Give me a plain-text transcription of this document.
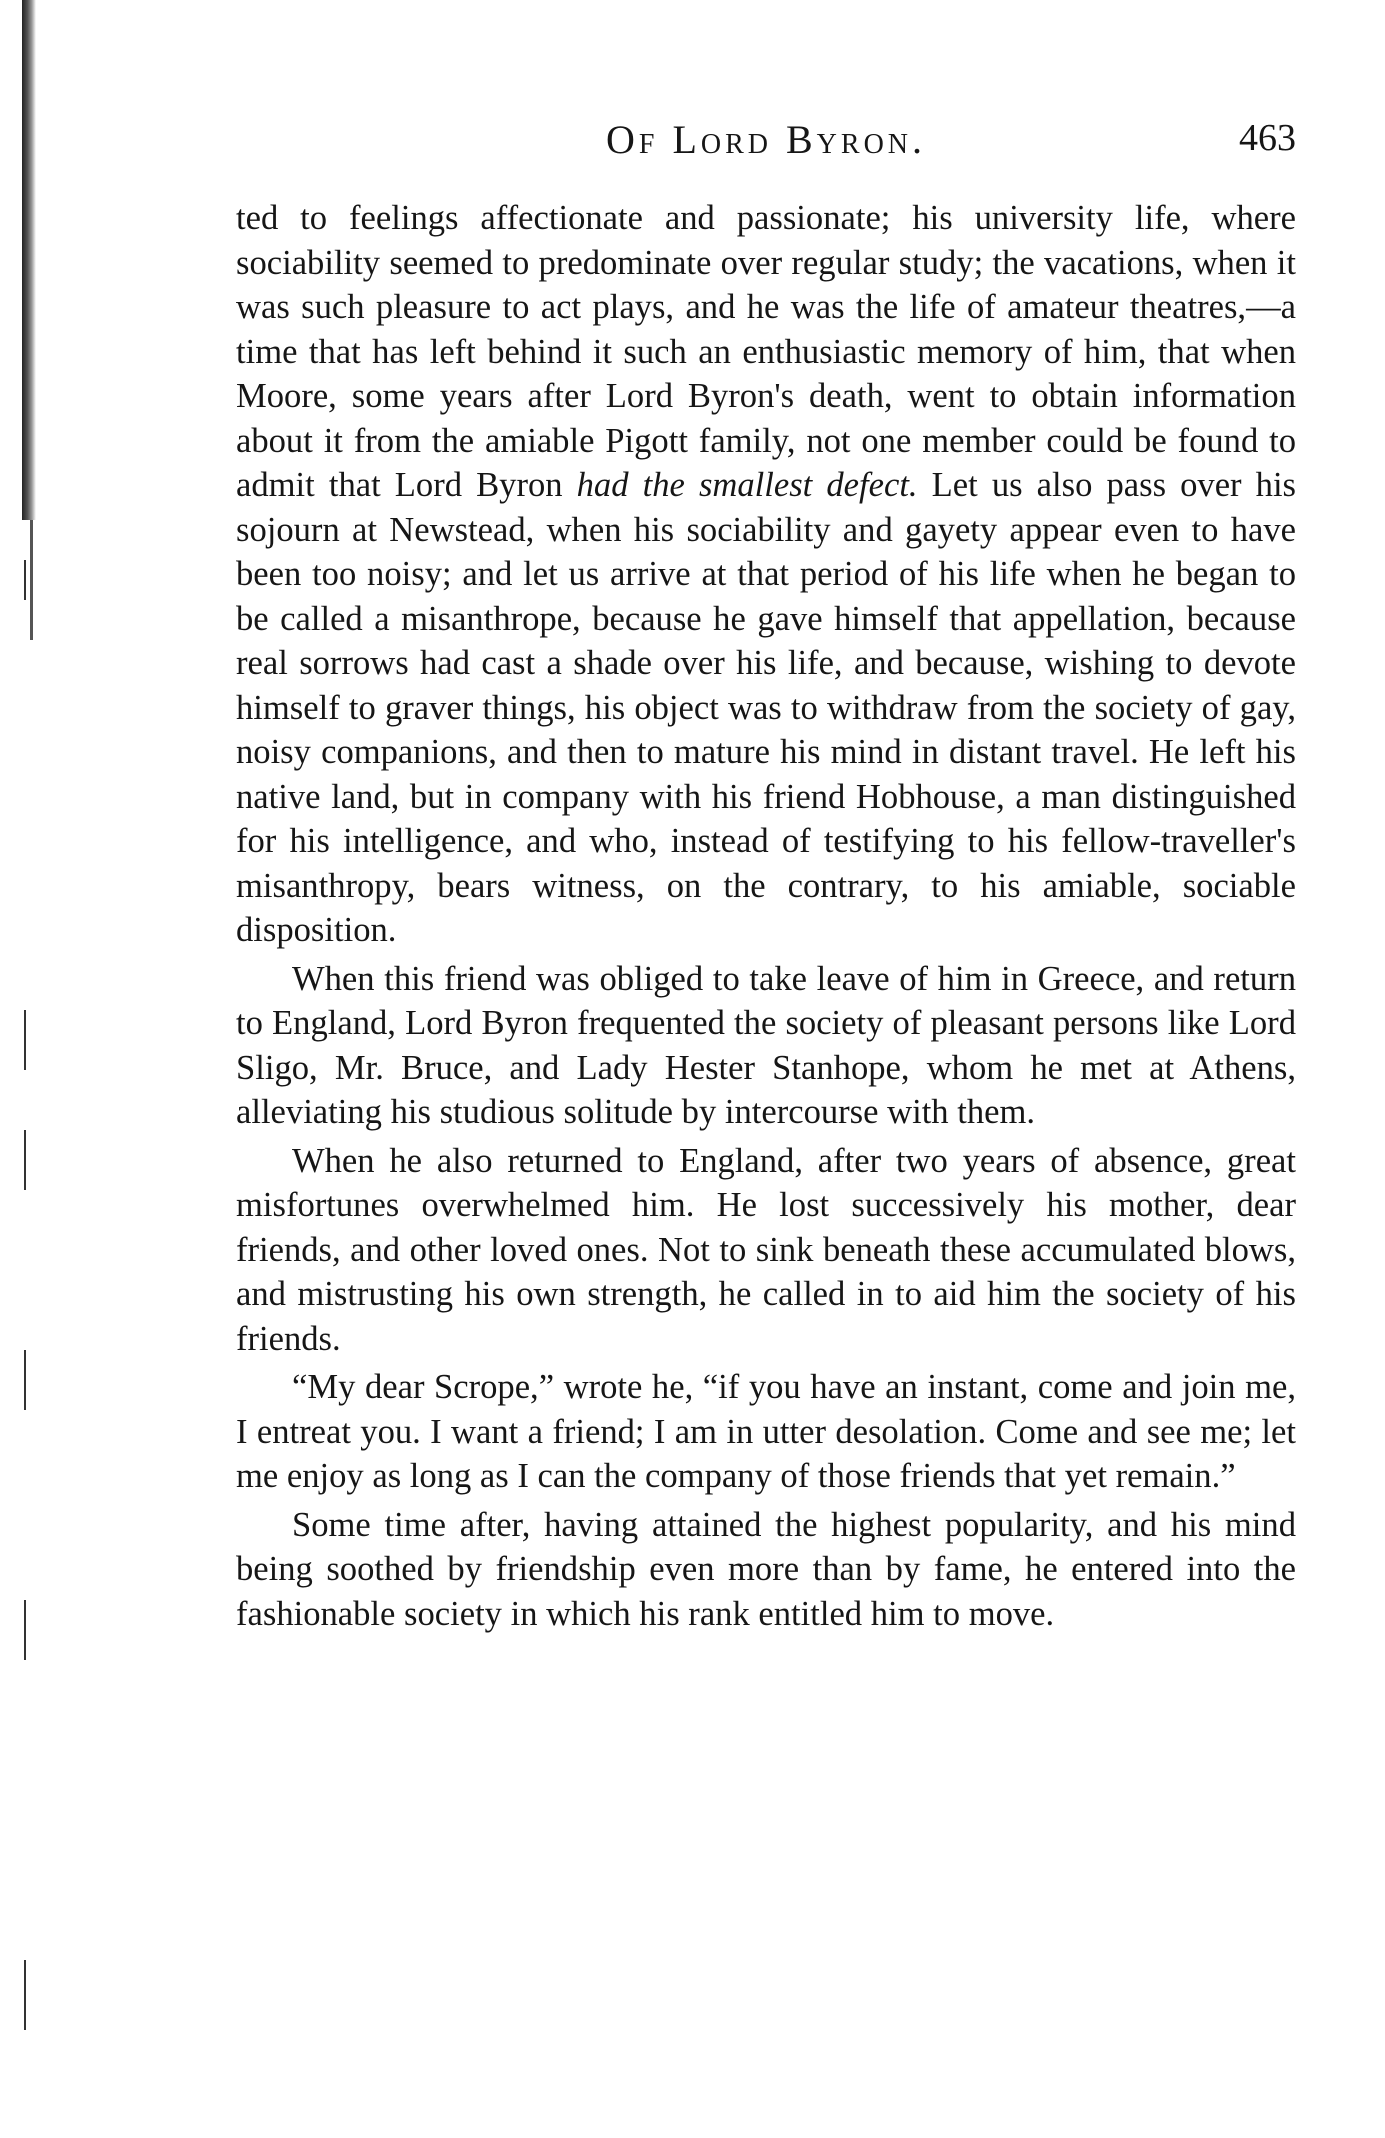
Of Lord Byron.	463

ted to feelings affectionate and passionate; his university life, where sociability seemed to predominate over regular study; the vacations, when it was such pleasure to act plays, and he was the life of amateur theatres,—a time that has left behind it such an enthusiastic memory of him, that when Moore, some years after Lord Byron's death, went to obtain information about it from the amiable Pigott family, not one member could be found to admit that Lord Byron had the smallest defect. Let us also pass over his sojourn at Newstead, when his sociability and gayety appear even to have been too noisy; and let us arrive at that period of his life when he began to be called a misanthrope, because he gave himself that appellation, because real sorrows had cast a shade over his life, and because, wishing to devote himself to graver things, his object was to withdraw from the society of gay, noisy companions, and then to mature his mind in distant travel. He left his native land, but in company with his friend Hobhouse, a man distinguished for his intelligence, and who, instead of testifying to his fellow-traveller's misanthropy, bears witness, on the contrary, to his amiable, sociable disposition.

When this friend was obliged to take leave of him in Greece, and return to England, Lord Byron frequented the society of pleasant persons like Lord Sligo, Mr. Bruce, and Lady Hester Stanhope, whom he met at Athens, alleviating his studious solitude by intercourse with them.

When he also returned to England, after two years of absence, great misfortunes overwhelmed him. He lost successively his mother, dear friends, and other loved ones. Not to sink beneath these accumulated blows, and mistrusting his own strength, he called in to aid him the society of his friends.

“My dear Scrope,” wrote he, “if you have an instant, come and join me, I entreat you. I want a friend; I am in utter desolation. Come and see me; let me enjoy as long as I can the company of those friends that yet remain.”

Some time after, having attained the highest popularity, and his mind being soothed by friendship even more than by fame, he entered into the fashionable society in which his rank entitled him to move.
